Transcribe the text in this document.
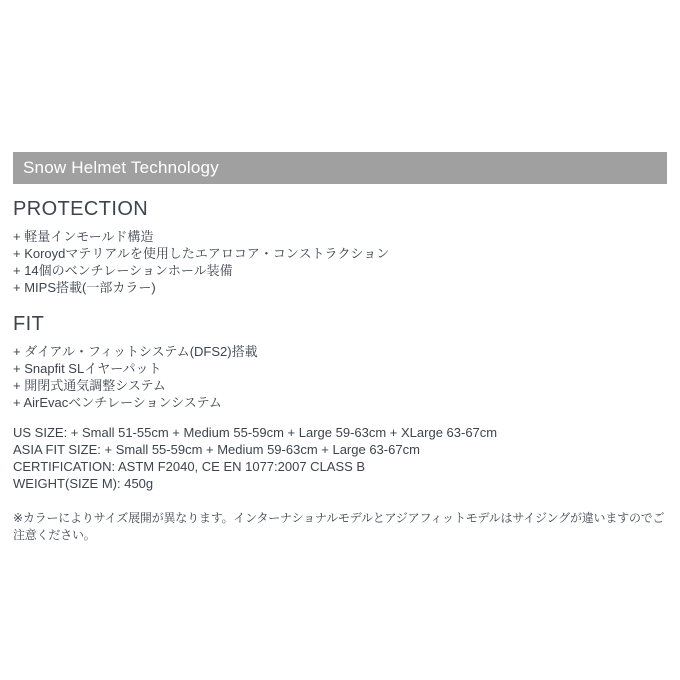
Snow Helmet Technology
PROTECTION
+ 軽量インモールド構造
+ Koroydマテリアルを使用したエアロコア・コンストラクション
+ 14個のベンチレーションホール装備
+ MIPS搭載(一部カラー)
FIT
+ ダイアル・フィットシステム(DFS2)搭載
+ Snapfit SLイヤーパット
+ 開閉式通気調整システム
+ AirEvacベンチレーションシステム
US SIZE: + Small 51-55cm + Medium 55-59cm + Large 59-63cm + XLarge 63-67cm
ASIA FIT SIZE: + Small 55-59cm + Medium 59-63cm + Large 63-67cm
CERTIFICATION: ASTM F2040, CE EN 1077:2007 CLASS B
WEIGHT(SIZE M): 450g
※カラーによりサイズ展開が異なります。インターナショナルモデルとアジアフィットモデルはサイジングが違いますのでご注意ください。
